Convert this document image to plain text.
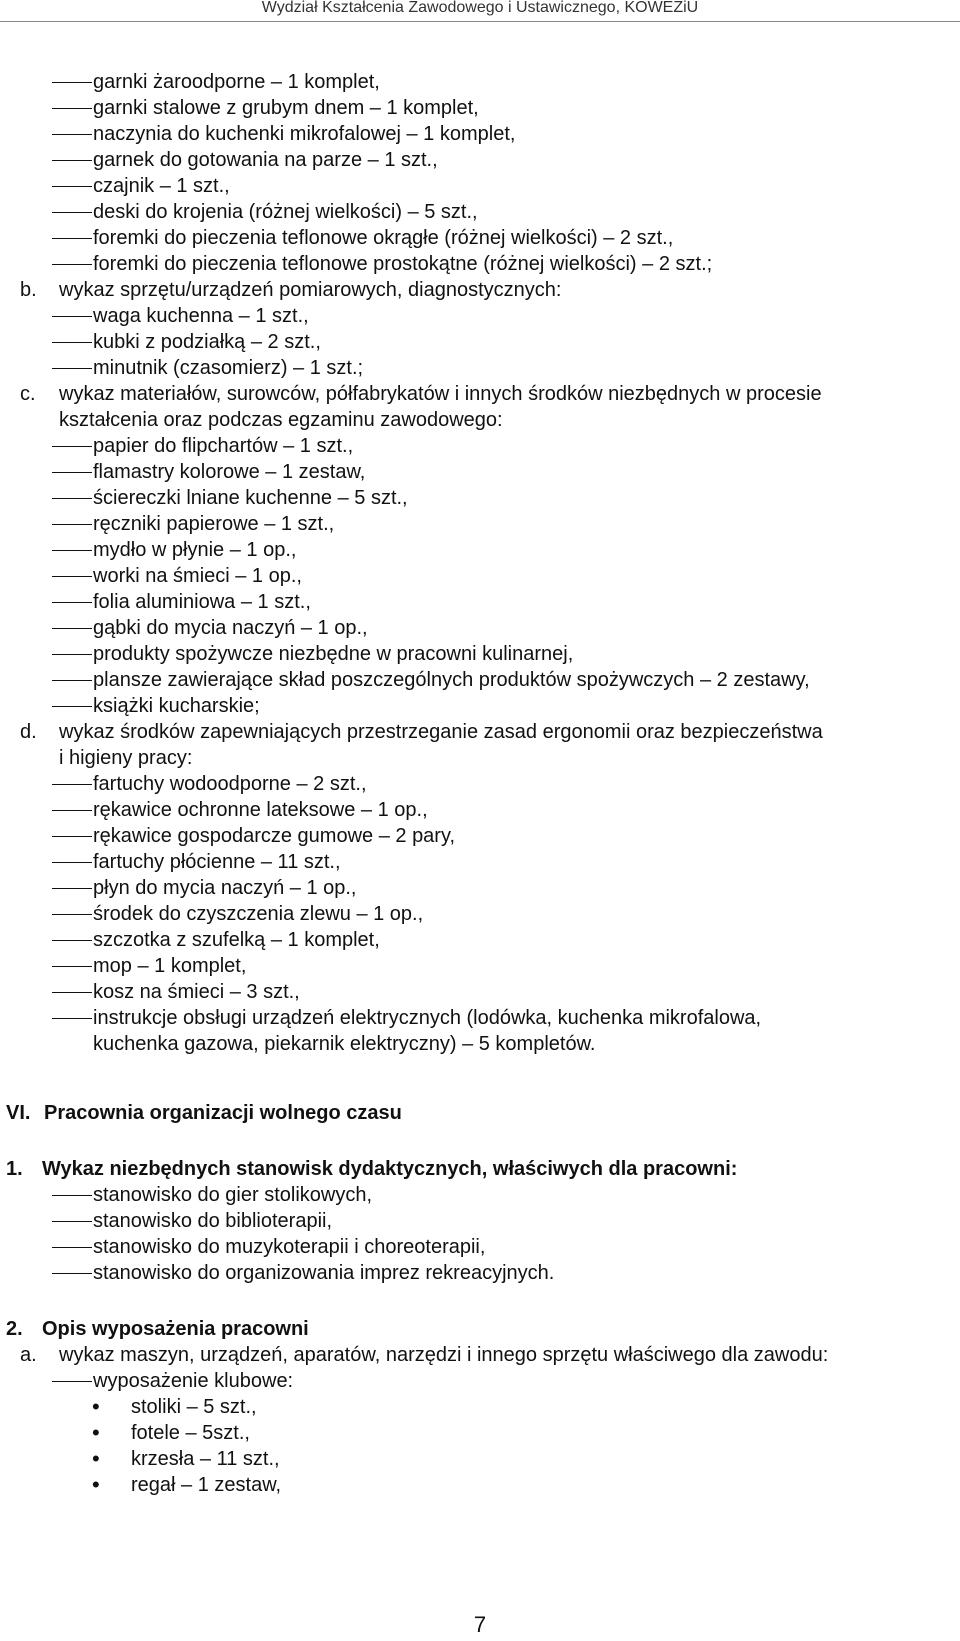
Wydział Kształcenia Zawodowego i Ustawicznego, KOWEZiU
garnki żaroodporne – 1 komplet,
garnki stalowe z grubym dnem – 1 komplet,
naczynia do kuchenki mikrofalowej – 1 komplet,
garnek do gotowania na parze – 1 szt.,
czajnik – 1 szt.,
deski do krojenia (różnej wielkości) – 5 szt.,
foremki do pieczenia teflonowe okrągłe (różnej wielkości) – 2 szt.,
foremki do pieczenia teflonowe prostokątne (różnej wielkości) – 2 szt.;
b. wykaz sprzętu/urządzeń pomiarowych, diagnostycznych:
waga kuchenna – 1 szt.,
kubki z podziałką – 2 szt.,
minutnik (czasomierz) – 1 szt.;
c. wykaz materiałów, surowców, półfabrykatów i innych środków niezbędnych w procesie
kształcenia oraz podczas egzaminu zawodowego:
papier do flipchartów – 1 szt.,
flamastry kolorowe – 1 zestaw,
ściereczki lniane kuchenne – 5 szt.,
ręczniki papierowe – 1 szt.,
mydło w płynie – 1 op.,
worki na śmieci – 1 op.,
folia aluminiowa – 1 szt.,
gąbki do mycia naczyń – 1 op.,
produkty spożywcze niezbędne w pracowni kulinarnej,
plansze zawierające skład poszczególnych produktów spożywczych – 2 zestawy,
książki kucharskie;
d. wykaz środków zapewniających przestrzeganie zasad ergonomii oraz bezpieczeństwa
i higieny pracy:
fartuchy wodoodporne – 2 szt.,
rękawice ochronne lateksowe – 1 op.,
rękawice gospodarcze gumowe – 2 pary,
fartuchy płócienne – 11 szt.,
płyn do mycia naczyń – 1 op.,
środek do czyszczenia zlewu – 1 op.,
szczotka z szufelką – 1 komplet,
mop – 1 komplet,
kosz na śmieci – 3 szt.,
instrukcje obsługi urządzeń elektrycznych (lodówka, kuchenka mikrofalowa,
kuchenka gazowa, piekarnik elektryczny) – 5 kompletów.
VI. Pracownia organizacji wolnego czasu
1. Wykaz niezbędnych stanowisk dydaktycznych, właściwych dla pracowni:
stanowisko do gier stolikowych,
stanowisko do biblioterapii,
stanowisko do muzykoterapii i choreoterapii,
stanowisko do organizowania imprez rekreacyjnych.
2. Opis wyposażenia pracowni
a. wykaz maszyn, urządzeń, aparatów, narzędzi i innego sprzętu właściwego dla zawodu:
wyposażenie klubowe:
• stoliki – 5 szt.,
• fotele – 5szt.,
• krzesła – 11 szt.,
• regał – 1 zestaw,
7
